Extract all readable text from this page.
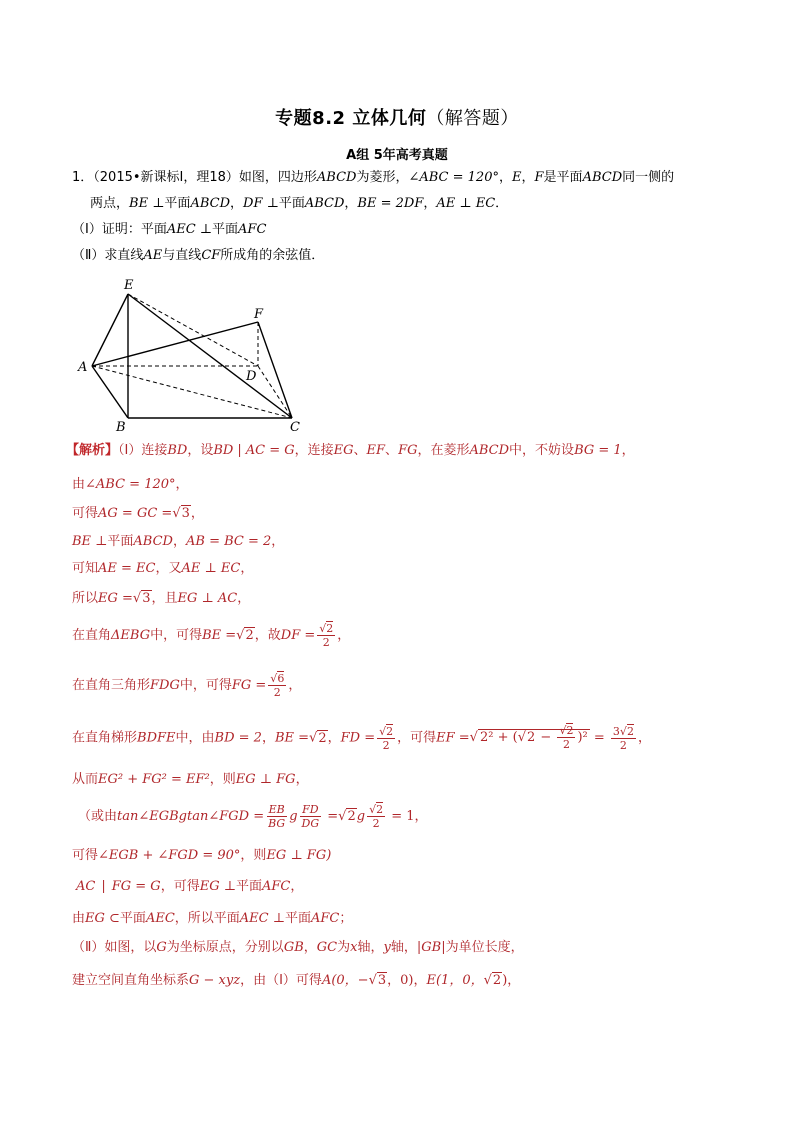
专题8.2 立体几何（解答题）
A组 5年高考真题
1．（2015•新课标Ⅰ，理18）如图，四边形ABCD为菱形，∠ABC = 120°，E，F是平面ABCD同一侧的
两点，BE ⊥平面ABCD，DF ⊥平面ABCD，BE = 2DF，AE ⊥ EC．
（Ⅰ）证明：平面AEC ⊥平面AFC
（Ⅱ）求直线AE与直线CF所成角的余弦值．
E
F
A
D
B	C
【解析】（Ⅰ）连接BD，设BD | AC = G，连接EG、EF、FG，在菱形ABCD中，不妨设BG = 1，
由∠ABC = 120°，
可得AG = GC =√3，
BE ⊥平面ABCD，AB = BC = 2，
可知AE = EC，又AE ⊥ EC，
所以EG =√3，且EG ⊥ AC，
在直角ΔEBG中，可得BE =√2，故DF = $\frac{√2}{2}$ ，
在直角三角形FDG中，可得FG = $\frac{√6}{2}$ ，
在直角梯形BDFE中，由BD = 2，BE =√2，FD = $\frac{√2}{2}$ ，可得EF =√ $2^2 + (√2 - \frac{√2}{2} )^2 = \frac{3√2}{2}$ ，
从而EG² + FG² = EF²，则EG ⊥ FG，
（或由tan∠EGBgtan∠FGD = $\frac{EB}{BG}$ g $\frac{FD}{DG} =√2g \frac{√2}{2} = 1$，
可得∠EGB + ∠FGD = 90°，则EG ⊥ FG)
AC | FG = G，可得EG ⊥平面AFC，
由EG ⊂平面AEC，所以平面AEC ⊥平面AFC；
（Ⅱ）如图，以G为坐标原点，分别以GB，GC为x轴，y轴，|GB|为单位长度，
建立空间直角坐标系G − xyz，由（Ⅰ）可得A(0，−√3，0)，E(1，0，√2)，
